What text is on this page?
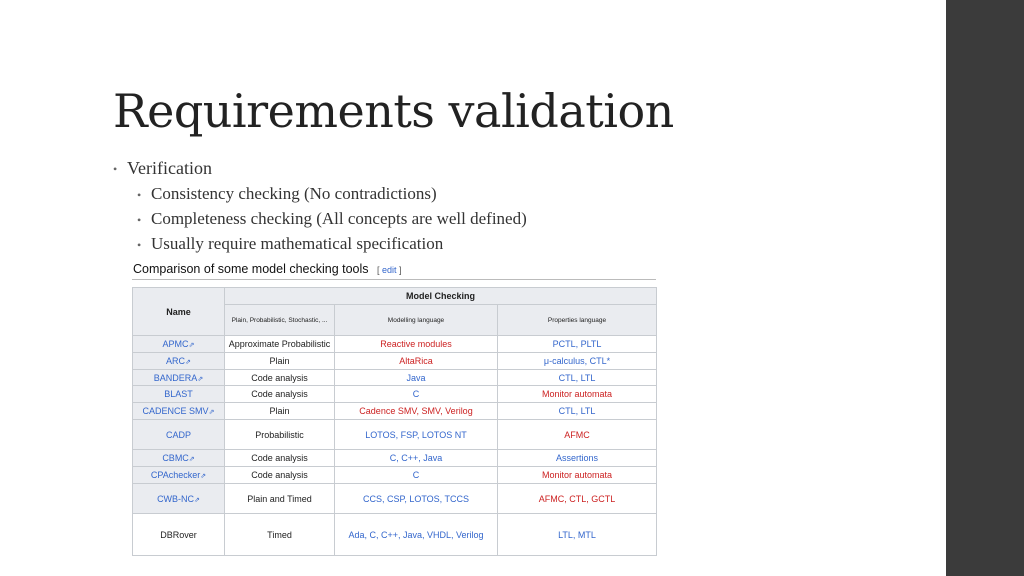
Requirements validation
• Verification
• Consistency checking (No contradictions)
• Completeness checking (All concepts are well defined)
• Usually require mathematical specification
Comparison of some model checking tools [ edit ]
Name	Model Checking		
	Plain, Probabilistic, Stochastic, ...	Modelling language	Properties language
APMC⇗	Approximate Probabilistic	Reactive modules	PCTL, PLTL
ARC⇗	Plain	AltaRica	μ-calculus, CTL*
BANDERA⇗	Code analysis	Java	CTL, LTL
BLAST	Code analysis	C	Monitor automata
CADENCE SMV⇗	Plain	Cadence SMV, SMV, Verilog	CTL, LTL
CADP	Probabilistic	LOTOS, FSP, LOTOS NT	AFMC
CBMC⇗	Code analysis	C, C++, Java	Assertions
CPAchecker⇗	Code analysis	C	Monitor automata
CWB-NC⇗	Plain and Timed	CCS, CSP, LOTOS, TCCS	AFMC, CTL, GCTL
DBRover	Timed	Ada, C, C++, Java, VHDL, Verilog	LTL, MTL
